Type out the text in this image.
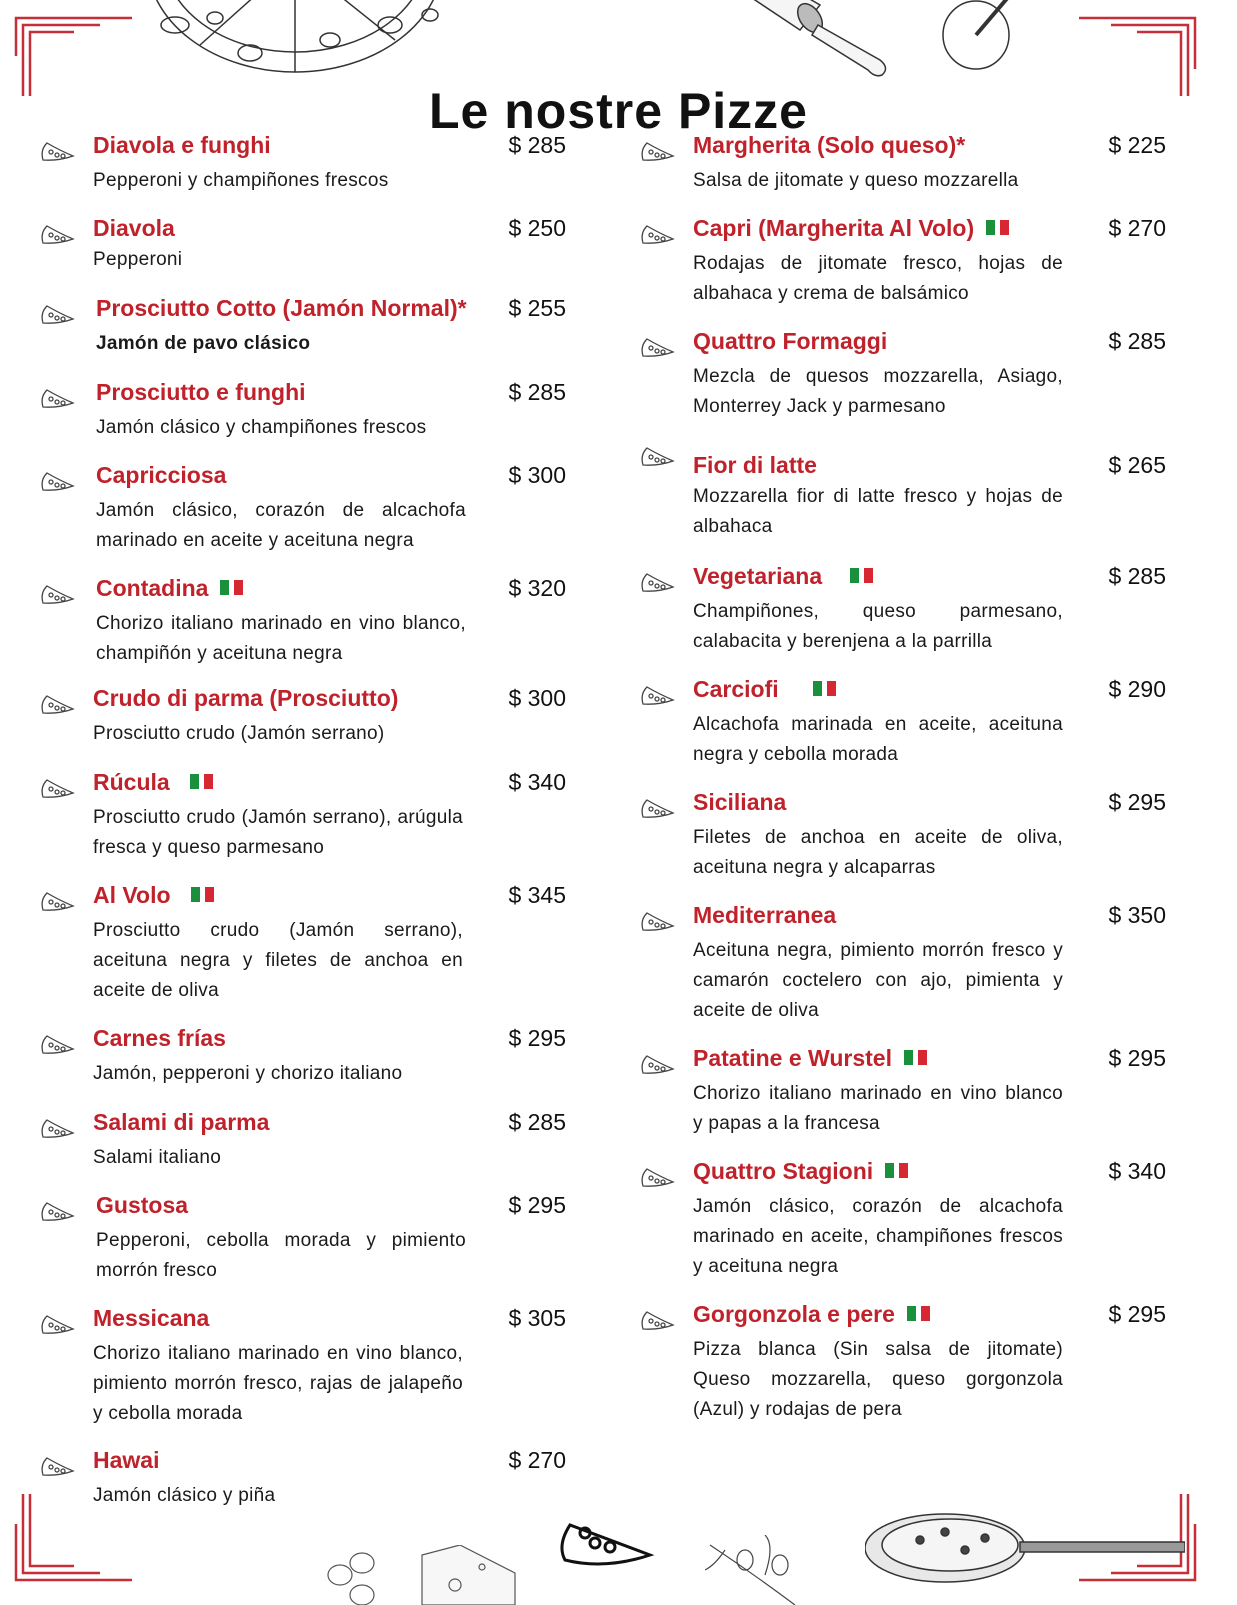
Le nostre Pizze
Diavola e funghi	$ 285
Pepperoni y champiñones frescos
Diavola	$ 250
Pepperoni
Prosciutto Cotto (Jamón Normal)* $ 255
Jamón de pavo clásico
Prosciutto e funghi	$ 285
Jamón clásico y champiñones frescos
Capricciosa	$ 300
Jamón clásico, corazón de alcachofa marinado en aceite y aceituna negra
Contadina	$ 320
Chorizo italiano marinado en vino blanco, champiñón y aceituna negra
Crudo di parma (Prosciutto)	$ 300
Prosciutto crudo (Jamón serrano)
Rúcula	$ 340
Prosciutto crudo (Jamón serrano), arúgula fresca y queso parmesano
Al Volo	$ 345
Prosciutto crudo (Jamón serrano), aceituna negra y filetes de anchoa en aceite de oliva
Carnes frías	$ 295
Jamón, pepperoni y chorizo italiano
Salami di parma	$ 285
Salami italiano
Gustosa	$ 295
Pepperoni, cebolla morada y pimiento morrón fresco
Messicana	$ 305
Chorizo italiano marinado en vino blanco, pimiento morrón fresco, rajas de jalapeño y cebolla morada
Hawai	$ 270
Jamón clásico y piña
Margherita (Solo queso)*	$ 225
Salsa de jitomate y queso mozzarella
Capri (Margherita Al Volo)	$ 270
Rodajas de jitomate fresco, hojas de albahaca y crema de balsámico
Quattro Formaggi	$ 285
Mezcla de quesos mozzarella, Asiago, Monterrey Jack y parmesano
Fior di latte	$ 265
Mozzarella fior di latte fresco y hojas de albahaca
Vegetariana	$ 285
Champiñones, queso parmesano, calabacita y berenjena a la parrilla
Carciofi	$ 290
Alcachofa marinada en aceite, aceituna negra y cebolla morada
Siciliana	$ 295
Filetes de anchoa en aceite de oliva, aceituna negra y alcaparras
Mediterranea	$ 350
Aceituna negra, pimiento morrón fresco y camarón coctelero con ajo, pimienta y aceite de oliva
Patatine e Wurstel	$ 295
Chorizo italiano marinado en vino blanco y papas a la francesa
Quattro Stagioni	$ 340
Jamón clásico, corazón de alcachofa marinado en aceite, champiñones frescos y aceituna negra
Gorgonzola e pere	$ 295
Pizza blanca (Sin salsa de jitomate) Queso mozzarella, queso gorgonzola (Azul) y rodajas de pera
